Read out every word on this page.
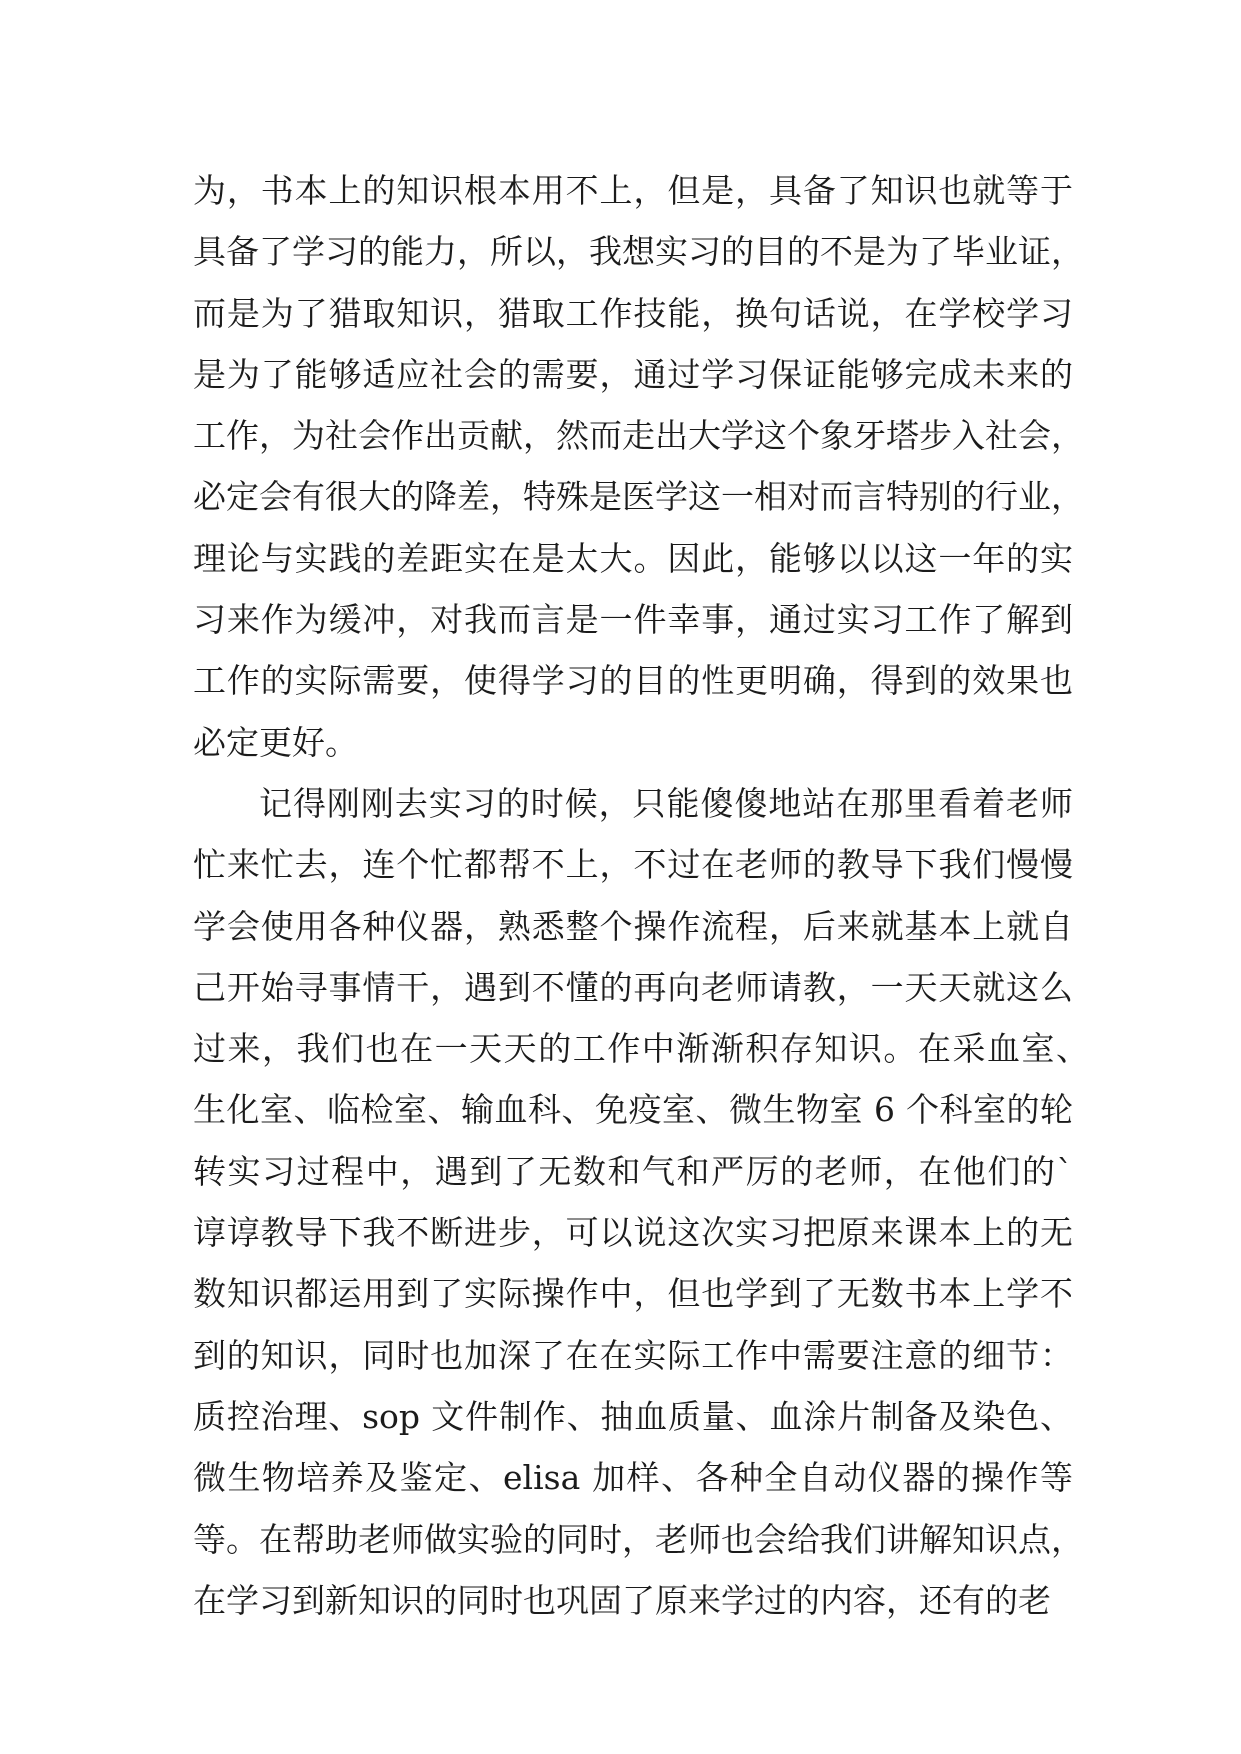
为，书本上的知识根本用不上，但是，具备了知识也就等于
具备了学习的能力，所以，我想实习的目的不是为了毕业证，
而是为了猎取知识，猎取工作技能，换句话说，在学校学习
是为了能够适应社会的需要，通过学习保证能够完成未来的
工作，为社会作出贡献，然而走出大学这个象牙塔步入社会，
必定会有很大的降差，特殊是医学这一相对而言特别的行业，
理论与实践的差距实在是太大。因此，能够以以这一年的实
习来作为缓冲，对我而言是一件幸事，通过实习工作了解到
工作的实际需要，使得学习的目的性更明确，得到的效果也
必定更好。
记得刚刚去实习的时候，只能傻傻地站在那里看着老师
忙来忙去，连个忙都帮不上，不过在老师的教导下我们慢慢
学会使用各种仪器，熟悉整个操作流程，后来就基本上就自
己开始寻事情干，遇到不懂的再向老师请教，一天天就这么
过来，我们也在一天天的工作中渐渐积存知识。在采血室、
生化室、临检室、输血科、免疫室、微生物室 6 个科室的轮
转实习过程中，遇到了无数和气和严厉的老师，在他们的`
谆谆教导下我不断进步，可以说这次实习把原来课本上的无
数知识都运用到了实际操作中，但也学到了无数书本上学不
到的知识，同时也加深了在在实际工作中需要注意的细节：
质控治理、sop 文件制作、抽血质量、血涂片制备及染色、
微生物培养及鉴定、elisa 加样、各种全自动仪器的操作等
等。在帮助老师做实验的同时，老师也会给我们讲解知识点，
在学习到新知识的同时也巩固了原来学过的内容，还有的老
